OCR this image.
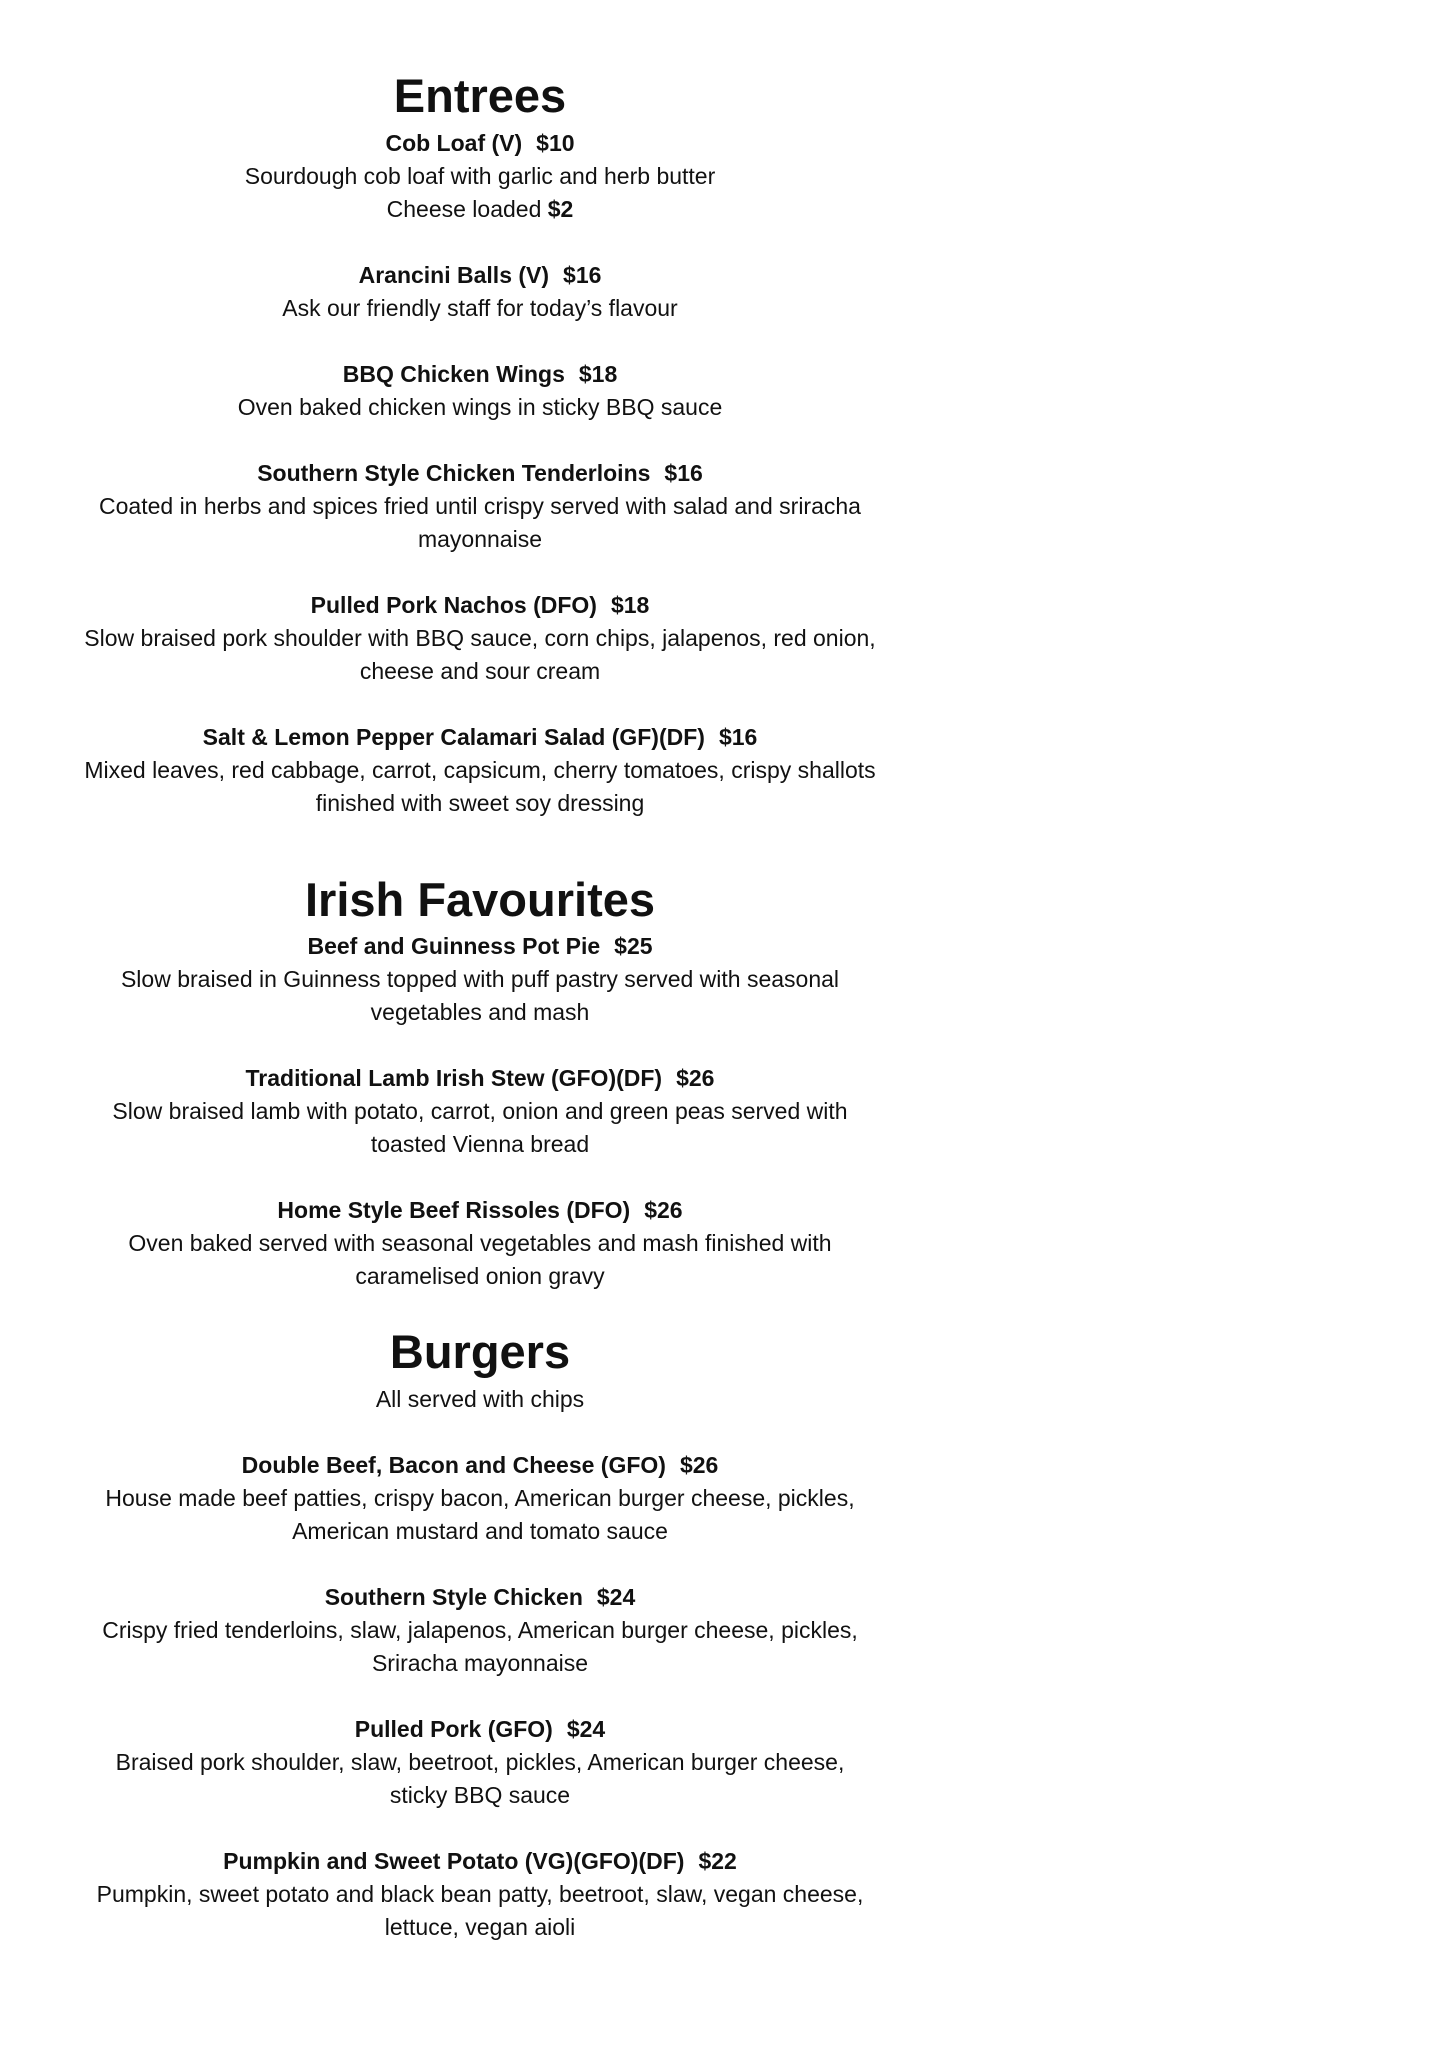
Entrees
Cob Loaf (V) $10
Sourdough cob loaf with garlic and herb butter
Cheese loaded $2
Arancini Balls (V) $16
Ask our friendly staff for today’s flavour
BBQ Chicken Wings $18
Oven baked chicken wings in sticky BBQ sauce
Southern Style Chicken Tenderloins $16
Coated in herbs and spices fried until crispy served with salad and sriracha
mayonnaise
Pulled Pork Nachos (DFO) $18
Slow braised pork shoulder with BBQ sauce, corn chips, jalapenos, red onion,
cheese and sour cream
Salt & Lemon Pepper Calamari Salad (GF)(DF) $16
Mixed leaves, red cabbage, carrot, capsicum, cherry tomatoes, crispy shallots
finished with sweet soy dressing
Irish Favourites
Beef and Guinness Pot Pie $25
Slow braised in Guinness topped with puff pastry served with seasonal
vegetables and mash
Traditional Lamb Irish Stew (GFO)(DF) $26
Slow braised lamb with potato, carrot, onion and green peas served with
toasted Vienna bread
Home Style Beef Rissoles (DFO) $26
Oven baked served with seasonal vegetables and mash finished with
caramelised onion gravy
Burgers
All served with chips
Double Beef, Bacon and Cheese (GFO) $26
House made beef patties, crispy bacon, American burger cheese, pickles,
American mustard and tomato sauce
Southern Style Chicken $24
Crispy fried tenderloins, slaw, jalapenos, American burger cheese, pickles,
Sriracha mayonnaise
Pulled Pork (GFO) $24
Braised pork shoulder, slaw, beetroot, pickles, American burger cheese,
sticky BBQ sauce
Pumpkin and Sweet Potato (VG)(GFO)(DF) $22
Pumpkin, sweet potato and black bean patty, beetroot, slaw, vegan cheese,
lettuce, vegan aioli
